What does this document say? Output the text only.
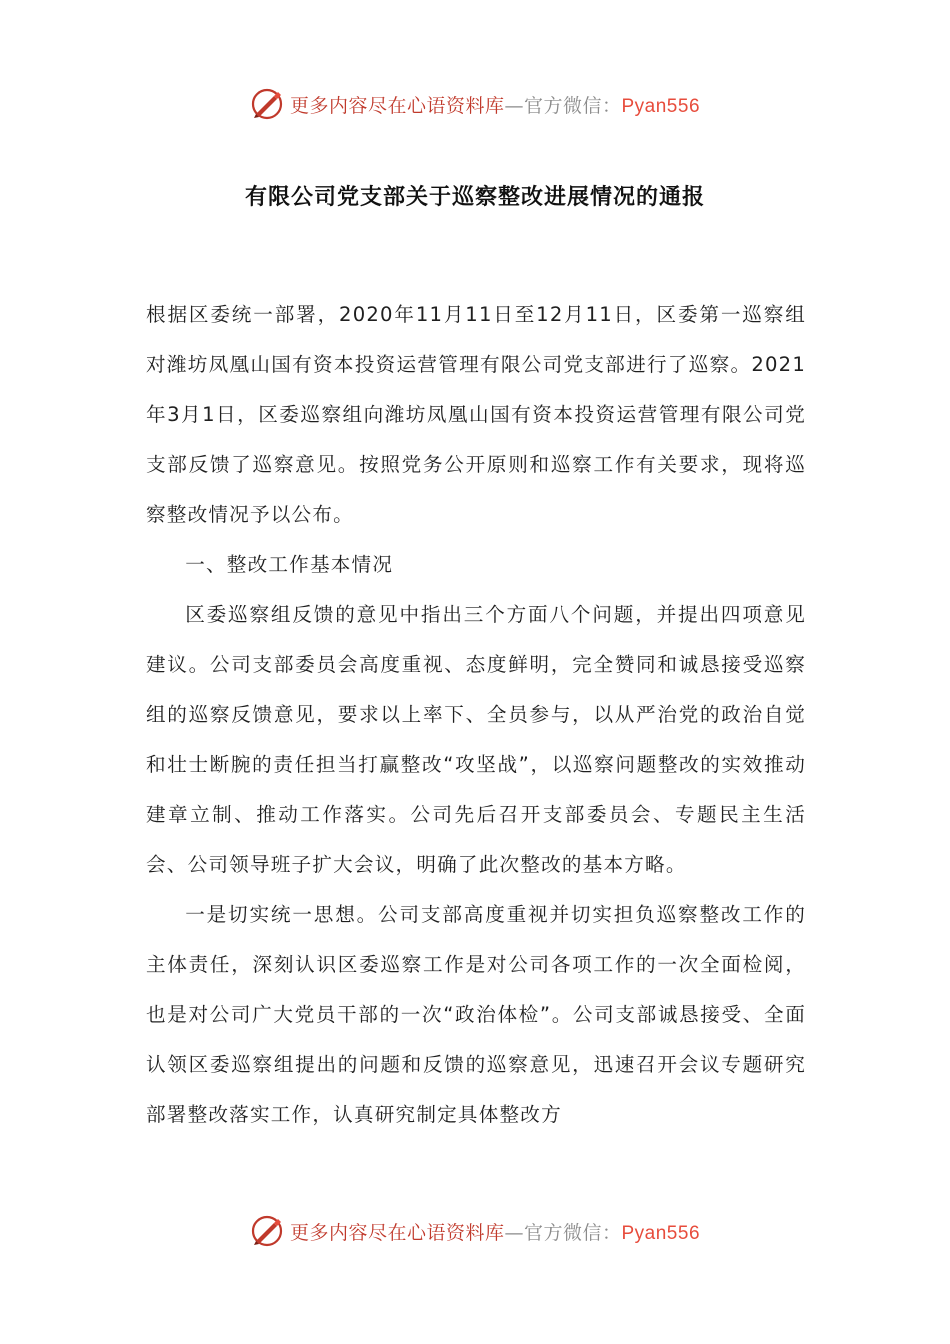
更多内容尽在心语资料库—官方微信：Pyan556
有限公司党支部关于巡察整改进展情况的通报

根据区委统一部署，2020年11月11日至12月11日，区委第一巡察组对潍坊凤凰山国有资本投资运营管理有限公司党支部进行了巡察。2021年3月1日，区委巡察组向潍坊凤凰山国有资本投资运营管理有限公司党支部反馈了巡察意见。按照党务公开原则和巡察工作有关要求，现将巡察整改情况予以公布。

一、整改工作基本情况

区委巡察组反馈的意见中指出三个方面八个问题，并提出四项意见建议。公司支部委员会高度重视、态度鲜明，完全赞同和诚恳接受巡察组的巡察反馈意见，要求以上率下、全员参与，以从严治党的政治自觉和壮士断腕的责任担当打赢整改“攻坚战”，以巡察问题整改的实效推动建章立制、推动工作落实。公司先后召开支部委员会、专题民主生活会、公司领导班子扩大会议，明确了此次整改的基本方略。

一是切实统一思想。公司支部高度重视并切实担负巡察整改工作的主体责任，深刻认识区委巡察工作是对公司各项工作的一次全面检阅，也是对公司广大党员干部的一次“政治体检”。公司支部诚恳接受、全面认领区委巡察组提出的问题和反馈的巡察意见，迅速召开会议专题研究部署整改落实工作，认真研究制定具体整改方

更多内容尽在心语资料库—官方微信：Pyan556
